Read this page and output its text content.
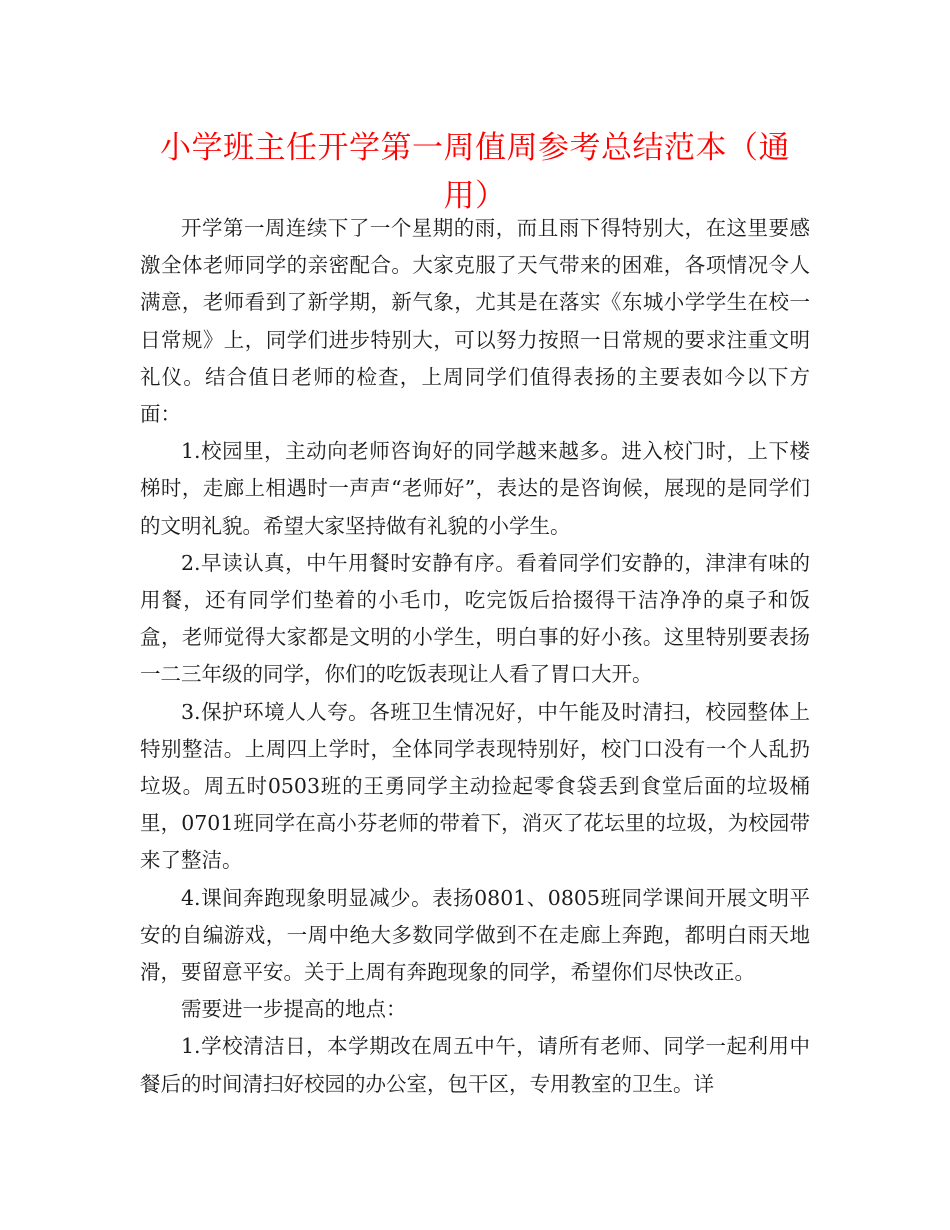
小学班主任开学第一周值周参考总结范本（通用）

开学第一周连续下了一个星期的雨，而且雨下得特别大，在这里要感激全体老师同学的亲密配合。大家克服了天气带来的困难，各项情况令人满意，老师看到了新学期，新气象，尤其是在落实《东城小学学生在校一日常规》上，同学们进步特别大，可以努力按照一日常规的要求注重文明礼仪。结合值日老师的检查，上周同学们值得表扬的主要表如今以下方面：

1.校园里，主动向老师咨询好的同学越来越多。进入校门时，上下楼梯时，走廊上相遇时一声声“老师好”，表达的是咨询候，展现的是同学们的文明礼貌。希望大家坚持做有礼貌的小学生。

2.早读认真，中午用餐时安静有序。看着同学们安静的，津津有味的用餐，还有同学们垫着的小毛巾，吃完饭后拾掇得干洁净净的桌子和饭盒，老师觉得大家都是文明的小学生，明白事的好小孩。这里特别要表扬一二三年级的同学，你们的吃饭表现让人看了胃口大开。

3.保护环境人人夸。各班卫生情况好，中午能及时清扫，校园整体上特别整洁。上周四上学时，全体同学表现特别好，校门口没有一个人乱扔垃圾。周五时0503班的王勇同学主动捡起零食袋丢到食堂后面的垃圾桶里，0701班同学在高小芬老师的带着下，消灭了花坛里的垃圾，为校园带来了整洁。

4.课间奔跑现象明显减少。表扬0801、0805班同学课间开展文明平安的自编游戏，一周中绝大多数同学做到不在走廊上奔跑，都明白雨天地滑，要留意平安。关于上周有奔跑现象的同学，希望你们尽快改正。

需要进一步提高的地点：

1.学校清洁日，本学期改在周五中午，请所有老师、同学一起利用中餐后的时间清扫好校园的办公室，包干区，专用教室的卫生。详
